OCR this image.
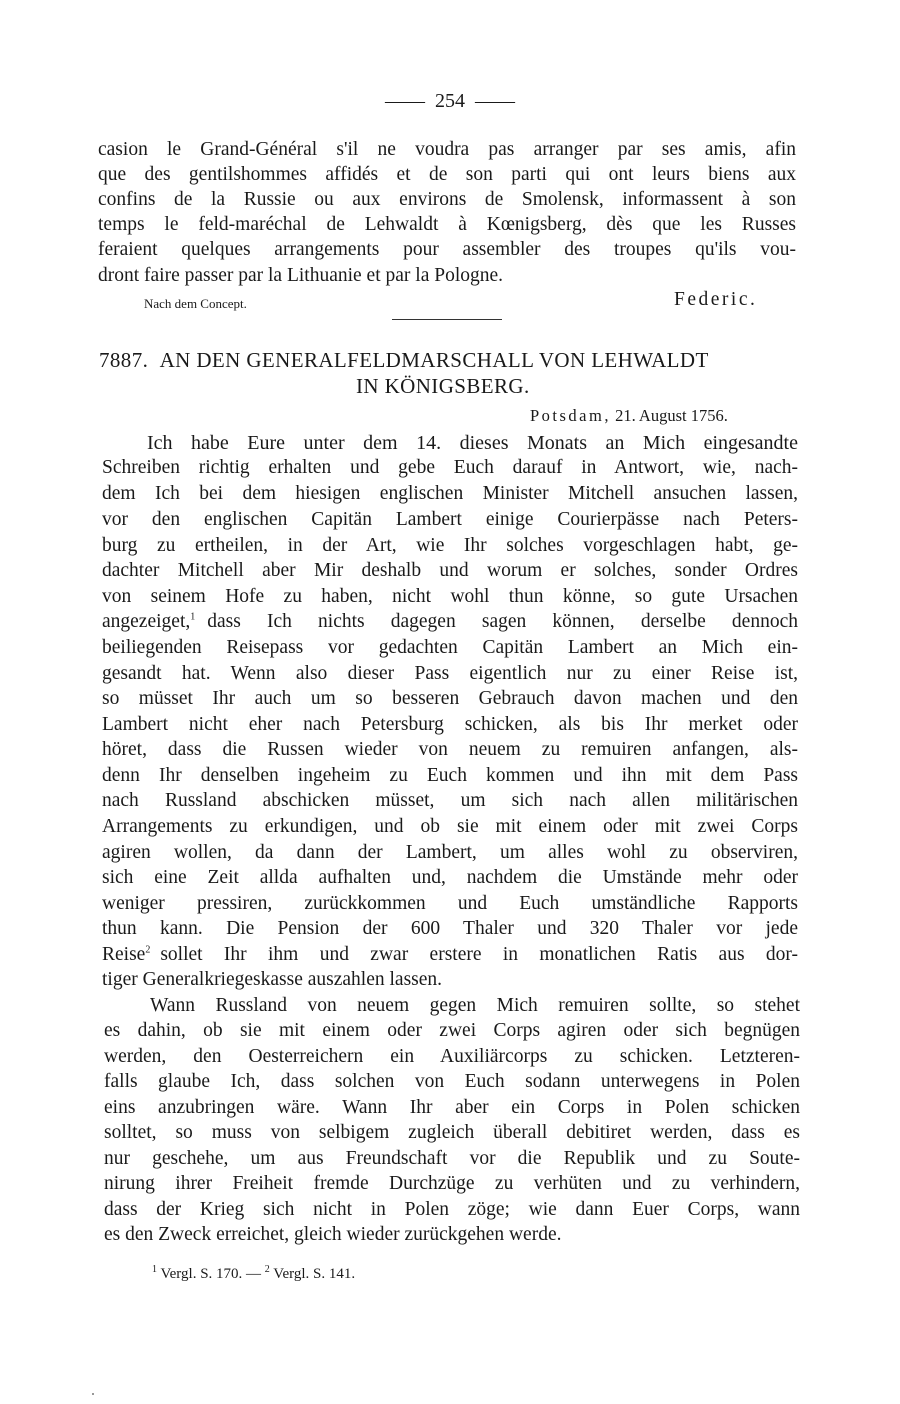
—— 254 ——
casion le Grand-Général s'il ne voudra pas arranger par ses amis, afin
que des gentilshommes affidés et de son parti qui ont leurs biens aux
confins de la Russie ou aux environs de Smolensk, informassent à son
temps le feld-maréchal de Lehwaldt à Kœnigsberg, dès que les Russes
feraient quelques arrangements pour assembler des troupes qu'ils vou-
dront faire passer par la Lithuanie et par la Pologne.
Nach dem Concept.	Federic.
7887. AN DEN GENERALFELDMARSCHALL VON LEHWALDT
IN KÖNIGSBERG.
Potsdam, 21. August 1756.
Ich habe Eure unter dem 14. dieses Monats an Mich eingesandte
Schreiben richtig erhalten und gebe Euch darauf in Antwort, wie, nach-
dem Ich bei dem hiesigen englischen Minister Mitchell ansuchen lassen,
vor den englischen Capitän Lambert einige Courierpässe nach Peters-
burg zu ertheilen, in der Art, wie Ihr solches vorgeschlagen habt, ge-
dachter Mitchell aber Mir deshalb und worum er solches, sonder Ordres
von seinem Hofe zu haben, nicht wohl thun könne, so gute Ursachen
angezeiget,$^1$ dass Ich nichts dagegen sagen können, derselbe dennoch
beiliegenden Reisepass vor gedachten Capitän Lambert an Mich ein-
gesandt hat. Wenn also dieser Pass eigentlich nur zu einer Reise ist,
so müsset Ihr auch um so besseren Gebrauch davon machen und den
Lambert nicht eher nach Petersburg schicken, als bis Ihr merket oder
höret, dass die Russen wieder von neuem zu remuiren anfangen, als-
denn Ihr denselben ingeheim zu Euch kommen und ihn mit dem Pass
nach Russland abschicken müsset, um sich nach allen militärischen
Arrangements zu erkundigen, und ob sie mit einem oder mit zwei Corps
agiren wollen, da dann der Lambert, um alles wohl zu observiren,
sich eine Zeit allda aufhalten und, nachdem die Umstände mehr oder
weniger pressiren, zurückkommen und Euch umständliche Rapports
thun kann. Die Pension der 600 Thaler und 320 Thaler vor jede
Reise$^2$ sollet Ihr ihm und zwar erstere in monatlichen Ratis aus dor-
tiger Generalkriegeskasse auszahlen lassen.
Wann Russland von neuem gegen Mich remuiren sollte, so stehet
es dahin, ob sie mit einem oder zwei Corps agiren oder sich begnügen
werden, den Oesterreichern ein Auxiliärcorps zu schicken. Letzteren-
falls glaube Ich, dass solchen von Euch sodann unterwegens in Polen
eins anzubringen wäre. Wann Ihr aber ein Corps in Polen schicken
solltet, so muss von selbigem zugleich überall debitiret werden, dass es
nur geschehe, um aus Freundschaft vor die Republik und zu Soute-
nirung ihrer Freiheit fremde Durchzüge zu verhüten und zu verhindern,
dass der Krieg sich nicht in Polen zöge; wie dann Euer Corps, wann
es den Zweck erreichet, gleich wieder zurückgehen werde.
$^1$ Vergl. S. 170. — $^2$ Vergl. S. 141.
